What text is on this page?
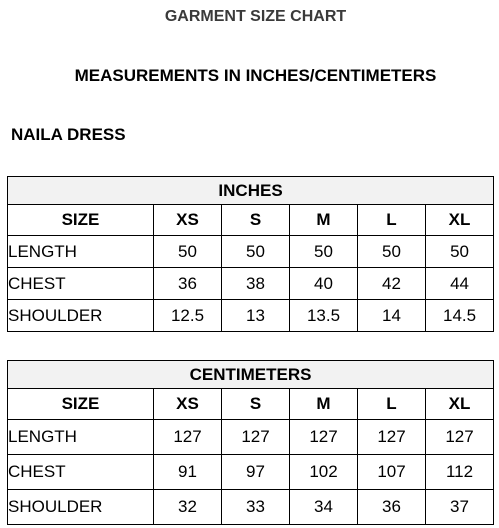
GARMENT SIZE CHART
MEASUREMENTS IN INCHES/CENTIMETERS
NAILA DRESS
INCHES					
SIZE	XS	S	M	L	XL
LENGTH	50	50	50	50	50
CHEST	36	38	40	42	44
SHOULDER	12.5	13	13.5	14	14.5
CENTIMETERS					
SIZE	XS	S	M	L	XL
LENGTH	127	127	127	127	127
CHEST	91	97	102	107	112
SHOULDER	32	33	34	36	37
